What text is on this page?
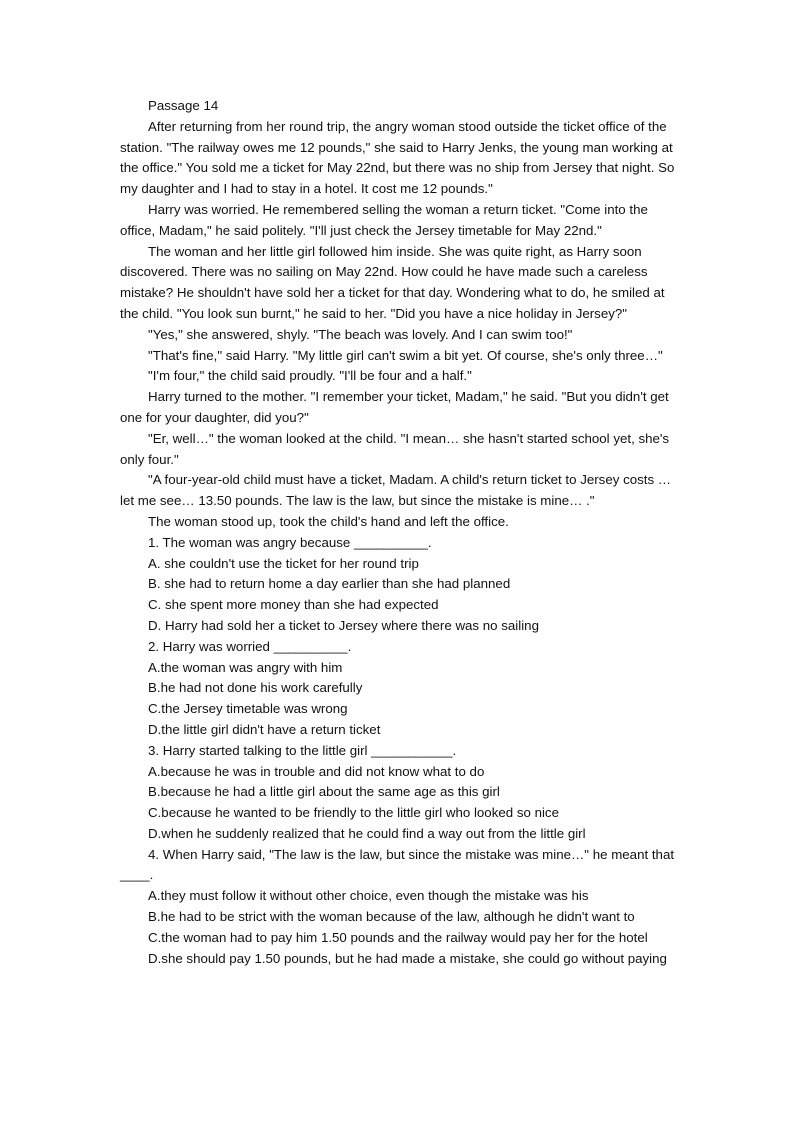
Passage 14

After returning from her round trip, the angry woman stood outside the ticket office of the station. "The railway owes me 12 pounds," she said to Harry Jenks, the young man working at the office." You sold me a ticket for May 22nd, but there was no ship from Jersey that night. So my daughter and I had to stay in a hotel. It cost me 12 pounds."

Harry was worried. He remembered selling the woman a return ticket. "Come into the office, Madam," he said politely. "I'll just check the Jersey timetable for May 22nd."

The woman and her little girl followed him inside. She was quite right, as Harry soon discovered. There was no sailing on May 22nd. How could he have made such a careless mistake? He shouldn't have sold her a ticket for that day. Wondering what to do, he smiled at the child. "You look sun burnt," he said to her. "Did you have a nice holiday in Jersey?"

"Yes," she answered, shyly. "The beach was lovely. And I can swim too!"

"That's fine," said Harry. "My little girl can't swim a bit yet. Of course, she's only three…"

"I'm four," the child said proudly. "I'll be four and a half."

Harry turned to the mother. "I remember your ticket, Madam," he said. "But you didn't get one for your daughter, did you?"

"Er, well…" the woman looked at the child. "I mean… she hasn't started school yet, she's only four."

"A four-year-old child must have a ticket, Madam. A child's return ticket to Jersey costs …let me see… 13.50 pounds. The law is the law, but since the mistake is mine… ."

The woman stood up, took the child's hand and left the office.

1. The woman was angry because __________.

A. she couldn't use the ticket for her round trip

B. she had to return home a day earlier than she had planned

C. she spent more money than she had expected

D. Harry had sold her a ticket to Jersey where there was no sailing

2. Harry was worried __________.

A.the woman was angry with him

B.he had not done his work carefully

C.the Jersey timetable was wrong

D.the little girl didn't have a return ticket

3. Harry started talking to the little girl ___________.

A.because he was in trouble and did not know what to do

B.because he had a little girl about the same age as this girl

C.because he wanted to be friendly to the little girl who looked so nice

D.when he suddenly realized that he could find a way out from the little girl

4. When Harry said, "The law is the law, but since the mistake was mine…" he meant that ____.

A.they must follow it without other choice, even though the mistake was his

B.he had to be strict with the woman because of the law, although he didn't want to

C.the woman had to pay him 1.50 pounds and the railway would pay her for the hotel

D.she should pay 1.50 pounds, but he had made a mistake, she could go without paying
